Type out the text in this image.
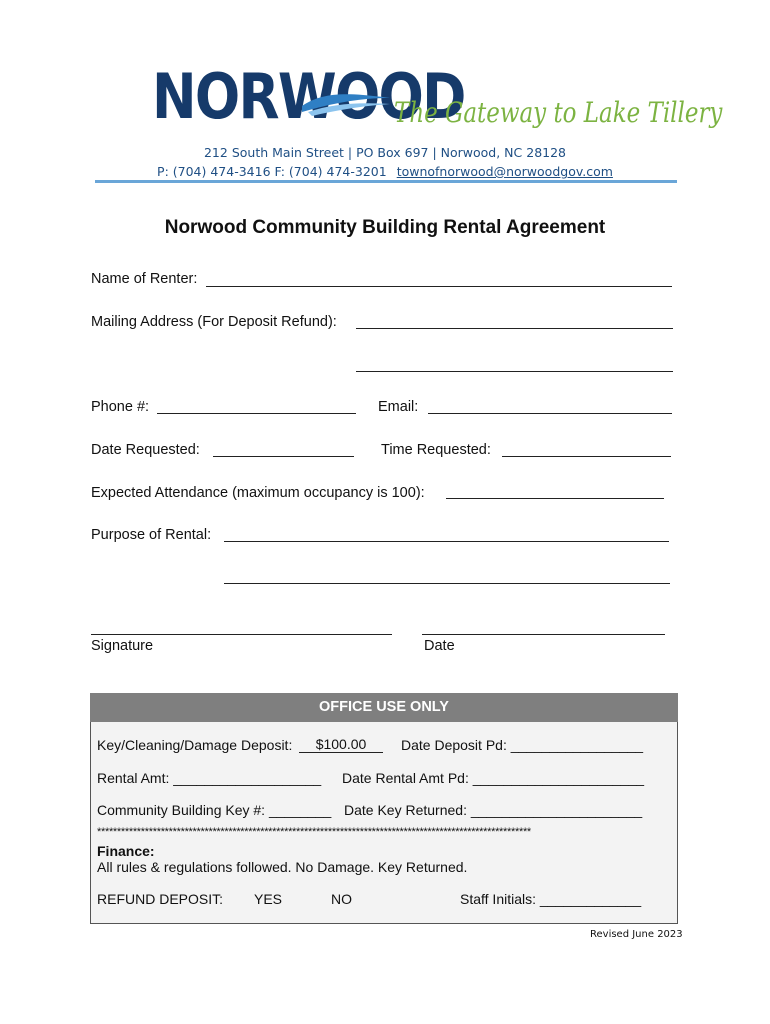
NORWOOD
The Gateway to Lake Tillery
212 South Main Street | PO Box 697 | Norwood, NC 28128
P: (704) 474-3416 F: (704) 474-3201 townofnorwood@norwoodgov.com
Norwood Community Building Rental Agreement
Name of Renter:
Mailing Address (For Deposit Refund):
Phone #:	Email:
Date Requested:	Time Requested:
Expected Attendance (maximum occupancy is 100):
Purpose of Rental:
Signature	Date
OFFICE USE ONLY
Key/Cleaning/Damage Deposit:	$100.00	Date Deposit Pd: _________________
Rental Amt: ___________________ Date Rental Amt Pd: ______________________
Community Building Key #: ________ Date Key Returned: ______________________
*************************************************************************************************************
Finance:
All rules & regulations followed. No Damage. Key Returned.
REFUND DEPOSIT: YES	NO	Staff Initials: _____________
Revised June 2023
